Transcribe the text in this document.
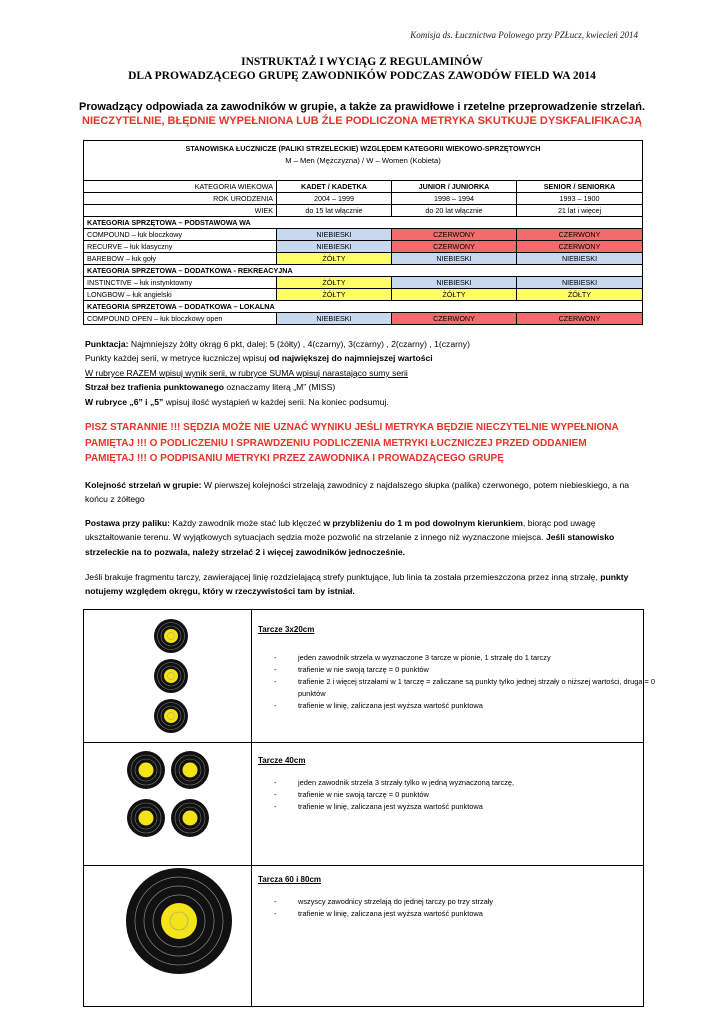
Komisja ds. Łucznictwa Polowego przy PZŁucz, kwiecień 2014
INSTRUKTAŻ I WYCIĄG Z REGULAMINÓW
DLA PROWADZĄCEGO GRUPĘ ZAWODNIKÓW PODCZAS ZAWODÓW FIELD WA 2014
Prowadzący odpowiada za zawodników w grupie, a także za prawidłowe i rzetelne przeprowadzenie strzelań.
NIECZYTELNIE, BŁĘDNIE WYPEŁNIONA LUB ŹLE PODLICZONA METRYKA SKUTKUJE DYSKFALIFIKACJĄ
STANOWISKA ŁUCZNICZE (PALIKI STRZELECKIE) WZGLĘDEM KATEGORII WIEKOWO-SPRZĘTOWYCH
M – Men (Mężczyzna) / W – Women (Kobieta)			

KATEGORIA WIEKOWA	KADET / KADETKA	JUNIOR / JUNIORKA	SENIOR / SENIORKA
ROK URODZENIA	2004 – 1999	1998 – 1994	1993 – 1900
WIEK	do 15 lat włącznie	do 20 lat włącznie	21 lat i więcej
KATEGORIA SPRZĘTOWA – PODSTAWOWA WA			
COMPOUND – łuk bloczkowy	NIEBIESKI	CZERWONY	CZERWONY
RECURVE – łuk klasyczny	NIEBIESKI	CZERWONY	CZERWONY
BAREBOW – łuk goły	ŻÓŁTY	NIEBIESKI	NIEBIESKI
KATEGORIA SPRZETOWA – DODATKOWA - REKREACYJNA			
INSTINCTIVE – łuk instynktowny	ŻÓŁTY	NIEBIESKI	NIEBIESKI
LONGBOW – łuk angielski	ŻÓŁTY	ŻÓŁTY	ŻÓŁTY
KATEGORIA SPRZETOWA – DODATKOWA – LOKALNA			
COMPOUND OPEN – łuk bloczkowy open	NIEBIESKI	CZERWONY	CZERWONY
Punktacja: Najmniejszy żółty okrąg 6 pkt, dalej: 5 (żółty) , 4(czarny), 3(czarny) , 2(czarny) , 1(czarny)
Punkty każdej serii, w metryce łuczniczej wpisuj od największej do najmniejszej wartości
W rubryce RAZEM wpisuj wynik serii, w rubryce SUMA wpisuj narastająco sumy serii
Strzał bez trafienia punktowanego oznaczamy literą „M” (MISS)
W rubryce „6” i „5” wpisuj ilość wystąpień w każdej serii. Na koniec podsumuj.
PISZ STARANNIE !!! SĘDZIA MOŻE NIE UZNAĆ WYNIKU JEŚLI METRYKA BĘDZIE NIECZYTELNIE WYPEŁNIONA
PAMIĘTAJ !!! O PODLICZENIU I SPRAWDZENIU PODLICZENIA METRYKI ŁUCZNICZEJ PRZED ODDANIEM
PAMIĘTAJ !!! O PODPISANIU METRYKI PRZEZ ZAWODNIKA I PROWADZĄCEGO GRUPĘ
Kolejność strzelań w grupie: W pierwszej kolejności strzelają zawodnicy z najdalszego słupka (palika) czerwonego, potem niebieskiego, a na końcu z żółtego
Postawa przy paliku: Każdy zawodnik może stać lub klęczeć w przybliżeniu do 1 m pod dowolnym kierunkiem, biorąc pod uwagę ukształtowanie terenu. W wyjątkowych sytuacjach sędzia może pozwolić na strzelanie z innego niż wyznaczone miejsca. Jeśli stanowisko strzeleckie na to pozwala, należy strzelać 2 i więcej zawodników jednocześnie.
Jeśli brakuje fragmentu tarczy, zawierającej linię rozdzielającą strefy punktujące, lub linia ta została przemieszczona przez inną strzałę, punkty notujemy względem okręgu, który w rzeczywistości tam by istniał.
Tarcze 3x20cm
- jeden zawodnik strzela w wyznaczone 3 tarcze w pionie, 1 strzałę do 1 tarczy
- trafienie w nie swoją tarczę = 0 punktów
- trafienie 2 i więcej strzałami w 1 tarczę = zaliczane są punkty tylko jednej strzały o niższej wartości, druga = 0 punktów
- trafienie w linię, zaliczana jest wyższa wartość punktowa
Tarcze 40cm
- jeden zawodnik strzela 3 strzały tylko w jedną wyznaczoną tarczę,
- trafienie w nie swoją tarczę = 0 punktów
- trafienie w linię, zaliczana jest wyższa wartość punktowa
Tarcza 60 i 80cm
- wszyscy zawodnicy strzelają do jednej tarczy po trzy strzały
- trafienie w linię, zaliczana jest wyższa wartość punktowa
